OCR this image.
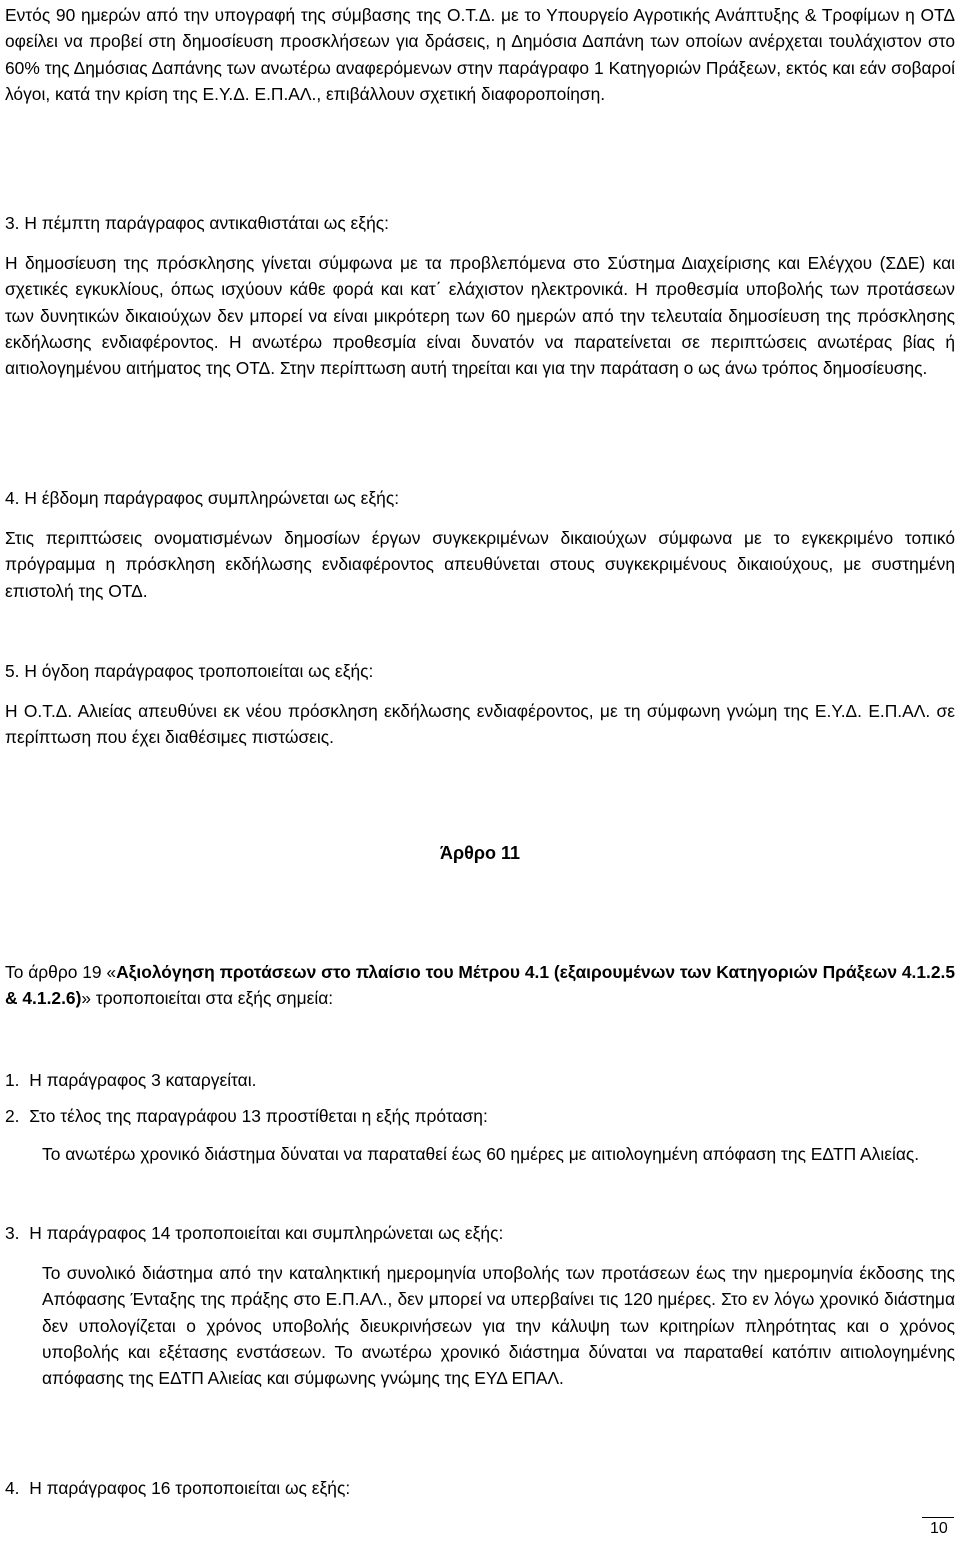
Εντός 90 ημερών από την υπογραφή της σύμβασης της Ο.Τ.Δ. με το Υπουργείο Αγροτικής Ανάπτυξης & Τροφίμων η ΟΤΔ οφείλει να προβεί στη δημοσίευση προσκλήσεων για δράσεις, η Δημόσια Δαπάνη των οποίων ανέρχεται τουλάχιστον στο 60% της Δημόσιας Δαπάνης των ανωτέρω αναφερόμενων στην παράγραφο 1 Κατηγοριών Πράξεων, εκτός και εάν σοβαροί λόγοι, κατά την κρίση της Ε.Υ.Δ. Ε.Π.ΑΛ., επιβάλλουν σχετική διαφοροποίηση.

3. Η πέμπτη παράγραφος αντικαθιστάται ως εξής:

Η δημοσίευση της πρόσκλησης γίνεται σύμφωνα με τα προβλεπόμενα στο Σύστημα Διαχείρισης και Ελέγχου (ΣΔΕ) και σχετικές εγκυκλίους, όπως ισχύουν κάθε φορά και κατ΄ ελάχιστον ηλεκτρονικά. Η προθεσμία υποβολής των προτάσεων των δυνητικών δικαιούχων δεν μπορεί να είναι μικρότερη των 60 ημερών από την τελευταία δημοσίευση της πρόσκλησης εκδήλωσης ενδιαφέροντος. Η ανωτέρω προθεσμία είναι δυνατόν να παρατείνεται σε περιπτώσεις ανωτέρας βίας ή αιτιολογημένου αιτήματος της ΟΤΔ. Στην περίπτωση αυτή τηρείται και για την παράταση ο ως άνω τρόπος δημοσίευσης.

4. Η έβδομη παράγραφος συμπληρώνεται ως εξής:

Στις περιπτώσεις ονοματισμένων δημοσίων έργων συγκεκριμένων δικαιούχων σύμφωνα με το εγκεκριμένο τοπικό πρόγραμμα η πρόσκληση εκδήλωσης ενδιαφέροντος απευθύνεται στους συγκεκριμένους δικαιούχους, με συστημένη επιστολή της ΟΤΔ.

5. Η όγδοη παράγραφος τροποποιείται ως εξής:

Η Ο.Τ.Δ. Αλιείας απευθύνει εκ νέου πρόσκληση εκδήλωσης ενδιαφέροντος, με τη σύμφωνη γνώμη της Ε.Υ.Δ. Ε.Π.ΑΛ. σε περίπτωση που έχει διαθέσιμες πιστώσεις.

Άρθρο 11

Το άρθρο 19 «Αξιολόγηση προτάσεων στο πλαίσιο του Μέτρου 4.1 (εξαιρουμένων των Κατηγοριών Πράξεων 4.1.2.5 & 4.1.2.6)» τροποποιείται στα εξής σημεία:

1. Η παράγραφος 3 καταργείται.

2. Στο τέλος της παραγράφου 13 προστίθεται η εξής πρόταση:

Το ανωτέρω χρονικό διάστημα δύναται να παραταθεί έως 60 ημέρες με αιτιολογημένη απόφαση της ΕΔΤΠ Αλιείας.

3. Η παράγραφος 14 τροποποιείται και συμπληρώνεται ως εξής:

Το συνολικό διάστημα από την καταληκτική ημερομηνία υποβολής των προτάσεων έως την ημερομηνία έκδοσης της Απόφασης Ένταξης της πράξης στο Ε.Π.ΑΛ., δεν μπορεί να υπερβαίνει τις 120 ημέρες. Στο εν λόγω χρονικό διάστημα δεν υπολογίζεται ο χρόνος υποβολής διευκρινήσεων για την κάλυψη των κριτηρίων πληρότητας και ο χρόνος υποβολής και εξέτασης ενστάσεων. Το ανωτέρω χρονικό διάστημα δύναται να παραταθεί κατόπιν αιτιολογημένης απόφασης της ΕΔΤΠ Αλιείας και σύμφωνης γνώμης της ΕΥΔ ΕΠΑΛ.

4. Η παράγραφος 16 τροποποιείται ως εξής:

10
